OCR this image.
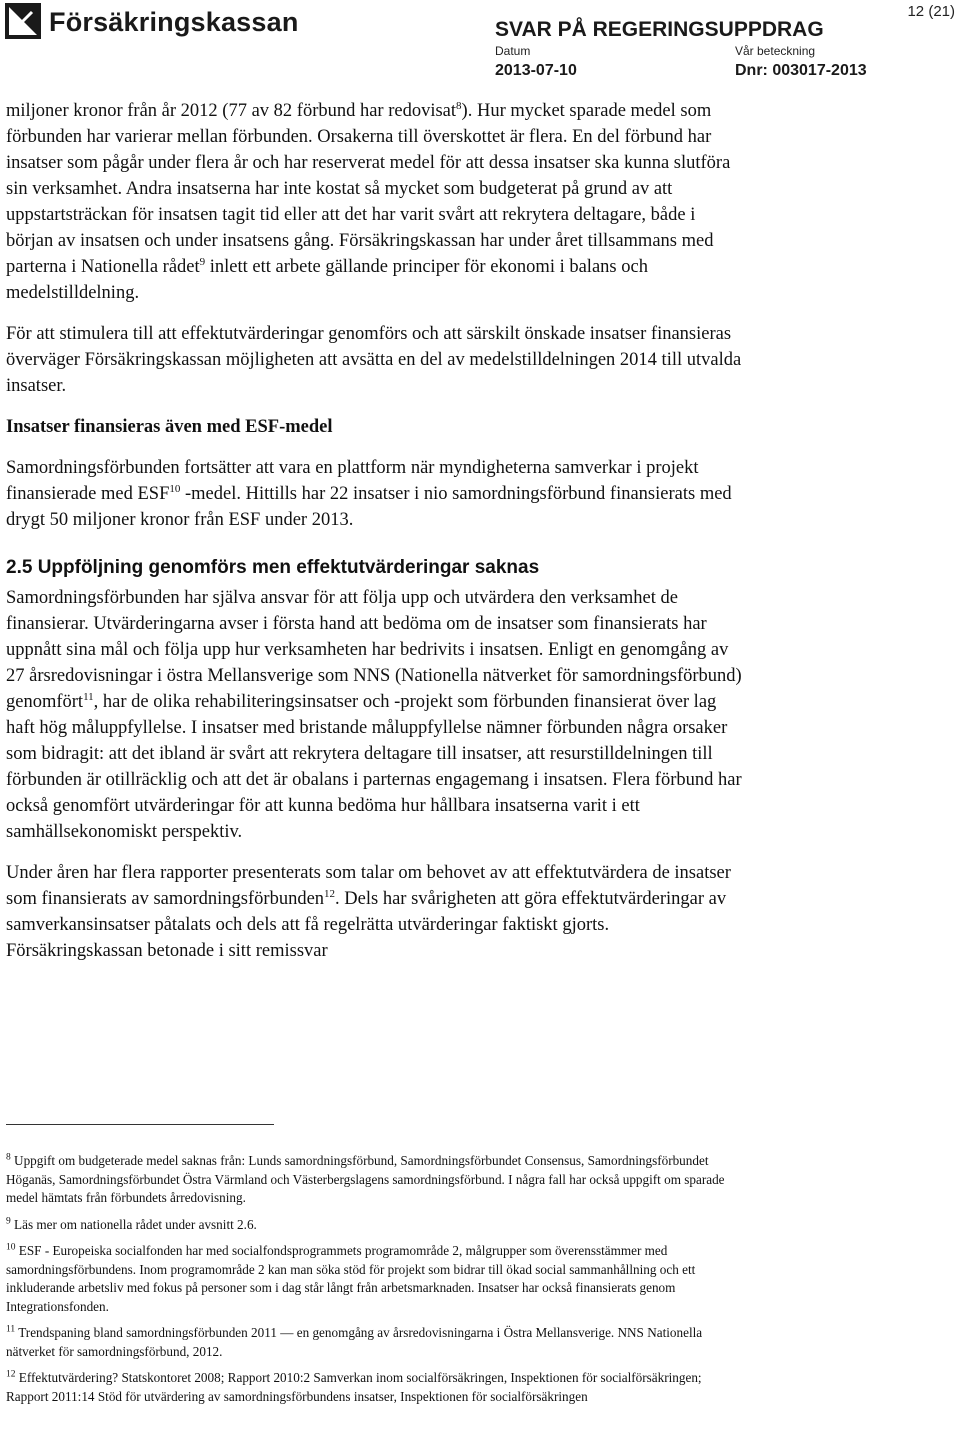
Försäkringskassan	SVAR PÅ REGERINGSUPPDRAG
Datum
2013-07-10
Vår beteckning
Dnr: 003017-2013
12 (21)

miljoner kronor från år 2012 (77 av 82 förbund har redovisat$^8$). Hur mycket sparade medel som förbunden har varierar mellan förbunden. Orsakerna till överskottet är flera. En del förbund har insatser som pågår under flera år och har reserverat medel för att dessa insatser ska kunna slutföra sin verksamhet. Andra insatserna har inte kostat så mycket som budgeterat på grund av att uppstartsträckan för insatsen tagit tid eller att det har varit svårt att rekrytera deltagare, både i början av insatsen och under insatsens gång. Försäkringskassan har under året tillsammans med parterna i Nationella rådet$^9$ inlett ett arbete gällande principer för ekonomi i balans och medelstilldelning.

För att stimulera till att effektutvärderingar genomförs och att särskilt önskade insatser finansieras överväger Försäkringskassan möjligheten att avsätta en del av medelstilldelningen 2014 till utvalda insatser.

Insatser finansieras även med ESF-medel

Samordningsförbunden fortsätter att vara en plattform när myndigheterna samverkar i projekt finansierade med ESF$^{10}$ -medel. Hittills har 22 insatser i nio samordningsförbund finansierats med drygt 50 miljoner kronor från ESF under 2013.

2.5 Uppföljning genomförs men effektutvärderingar saknas

Samordningsförbunden har själva ansvar för att följa upp och utvärdera den verksamhet de finansierar. Utvärderingarna avser i första hand att bedöma om de insatser som finansierats har uppnått sina mål och följa upp hur verksamheten har bedrivits i insatsen. Enligt en genomgång av 27 årsredovisningar i östra Mellansverige som NNS (Nationella nätverket för samordningsförbund) genomfört$^{11}$, har de olika rehabiliteringsinsatser och -projekt som förbunden finansierat över lag haft hög måluppfyllelse. I insatser med bristande måluppfyllelse nämner förbunden några orsaker som bidragit: att det ibland är svårt att rekrytera deltagare till insatser, att resurstilldelningen till förbunden är otillräcklig och att det är obalans i parternas engagemang i insatsen. Flera förbund har också genomfört utvärderingar för att kunna bedöma hur hållbara insatserna varit i ett samhällsekonomiskt perspektiv.

Under åren har flera rapporter presenterats som talar om behovet av att effektutvärdera de insatser som finansierats av samordningsförbunden$^{12}$. Dels har svårigheten att göra effektutvärderingar av samverkansinsatser påtalats och dels att få regelrätta utvärderingar faktiskt gjorts. Försäkringskassan betonade i sitt remissvar

$^8$ Uppgift om budgeterade medel saknas från: Lunds samordningsförbund, Samordningsförbundet Consensus, Samordningsförbundet Höganäs, Samordningsförbundet Östra Värmland och Västerbergslagens samordningsförbund. I några fall har också uppgift om sparade medel hämtats från förbundets årredovisning.

$^9$ Läs mer om nationella rådet under avsnitt 2.6.

$^{10}$ ESF - Europeiska socialfonden har med socialfondsprogrammets programområde 2, målgrupper som överensstämmer med samordningsförbundens. Inom programområde 2 kan man söka stöd för projekt som bidrar till ökad social sammanhållning och ett inkluderande arbetsliv med fokus på personer som i dag står långt från arbetsmarknaden. Insatser har också finansierats genom Integrationsfonden.

$^{11}$ Trendspaning bland samordningsförbunden 2011 — en genomgång av årsredovisningarna i Östra Mellansverige. NNS Nationella nätverket för samordningsförbund, 2012.

$^{12}$ Effektutvärdering? Statskontoret 2008; Rapport 2010:2 Samverkan inom socialförsäkringen, Inspektionen för socialförsäkringen; Rapport 2011:14 Stöd för utvärdering av samordningsförbundens insatser, Inspektionen för socialförsäkringen
